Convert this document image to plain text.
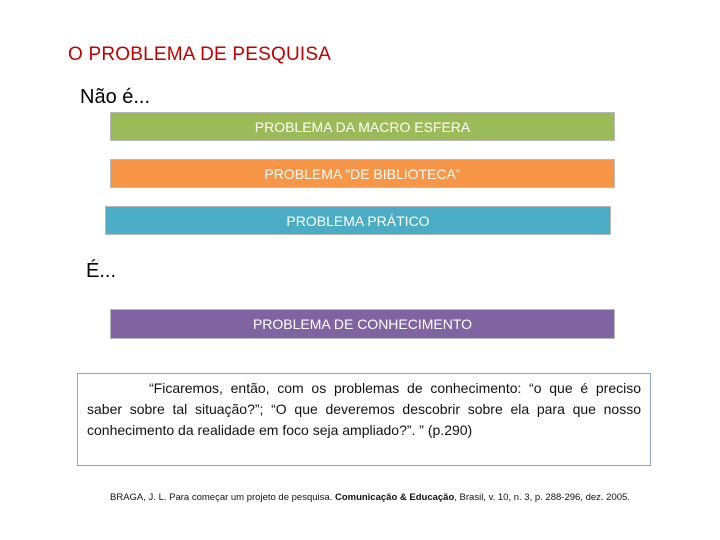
O PROBLEMA DE PESQUISA
Não é...
PROBLEMA DA MACRO ESFERA
PROBLEMA “DE BIBLIOTECA”
PROBLEMA PRÁTICO
É...
PROBLEMA DE CONHECIMENTO

“Ficaremos, então, com os problemas de conhecimento: “o que é preciso saber sobre tal situação?”; “O que deveremos descobrir sobre ela para que nosso conhecimento da realidade em foco seja ampliado?”. ” (p.290)

BRAGA, J. L. Para começar um projeto de pesquisa. Comunicação & Educação, Brasil, v. 10, n. 3, p. 288-296, dez. 2005.
